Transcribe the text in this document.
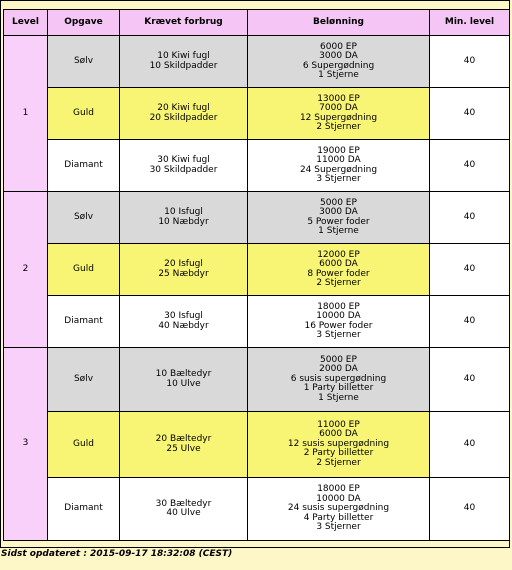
Level	Opgave	Krævet forbrug	Belønning	Min. level
1	Sølv	10 Kiwi fugl
10 Skildpadder	6000 EP
3000 DA
6 Supergødning
1 Stjerne	40
	Guld	20 Kiwi fugl
20 Skildpadder	13000 EP
7000 DA
12 Supergødning
2 Stjerner	40
	Diamant	30 Kiwi fugl
30 Skildpadder	19000 EP
11000 DA
24 Supergødning
3 Stjerner	40
2	Sølv	10 Isfugl
10 Næbdyr	5000 EP
3000 DA
5 Power foder
1 Stjerne	40
	Guld	20 Isfugl
25 Næbdyr	12000 EP
6000 DA
8 Power foder
2 Stjerner	40
	Diamant	30 Isfugl
40 Næbdyr	18000 EP
10000 DA
16 Power foder
3 Stjerner	40
3	Sølv	10 Bæltedyr
10 Ulve	5000 EP
2000 DA
6 susis supergødning
1 Party billetter
1 Stjerne	40
	Guld	20 Bæltedyr
25 Ulve	11000 EP
6000 DA
12 susis supergødning
2 Party billetter
2 Stjerner	40
	Diamant	30 Bæltedyr
40 Ulve	18000 EP
10000 DA
24 susis supergødning
4 Party billetter
3 Stjerner	40
Sidst opdateret : 2015-09-17 18:32:08 (CEST)
